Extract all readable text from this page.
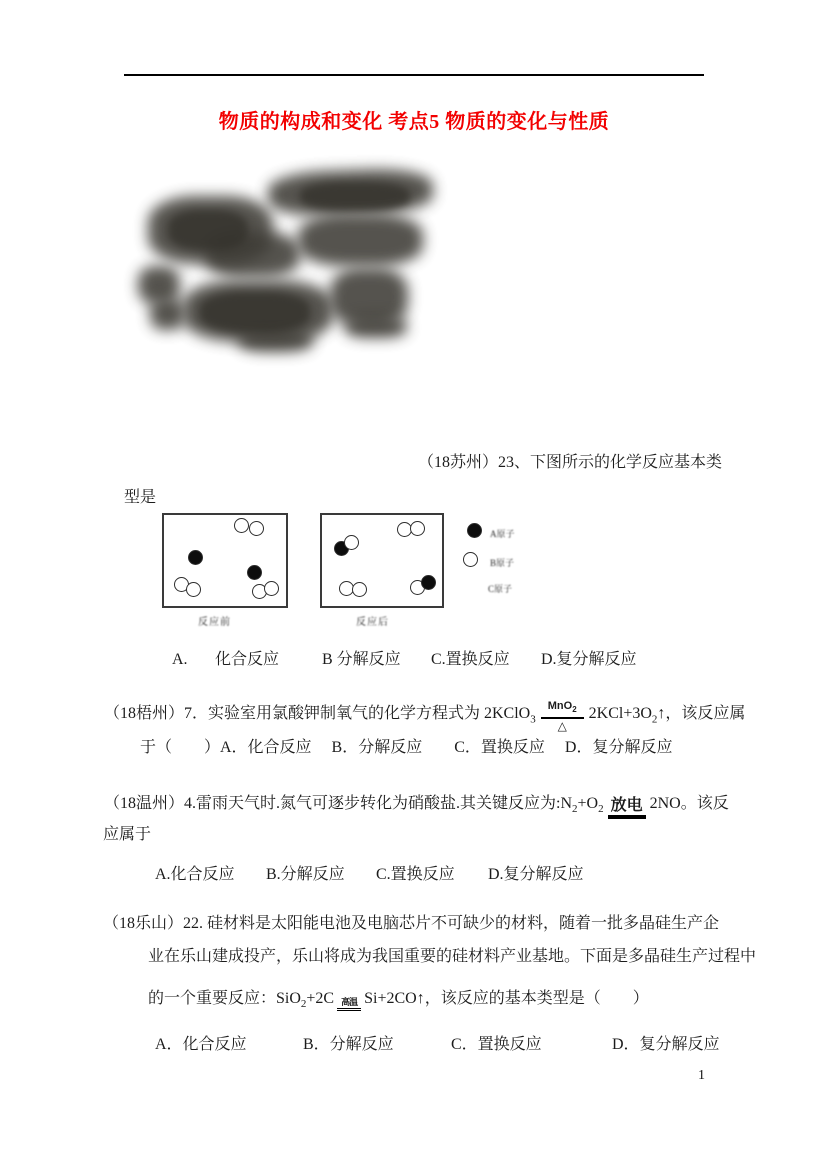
物质的构成和变化 考点5 物质的变化与性质
（18苏州）23、下图所示的化学反应基本类
型是
反应前	反应后
A原子
B原子
C原子
A. 化合反应	B 分解反应 C.置换反应 D.复分解反应
（18梧州）7．实验室用氯酸钾制氧气的化学方程式为 2KClO$_3$ $\frac{MnO_2}{\triangle}$ $2KCl+3O_2↑$，该反应属
于（　　）A．化合反应　 B．分解反应　　C．置换反应　 D．复分解反应
（18温州）4.雷雨天气时.氮气可逐步转化为硝酸盐.其关键反应为$:N_2+O_2$ 放电 2NO。该反
应属于
A.化合反应 B.分解反应 C.置换反应 D.复分解反应
（18乐山）22. 硅材料是太阳能电池及电脑芯片不可缺少的材料，随着一批多晶硅生产企
业在乐山建成投产，乐山将成为我国重要的硅材料产业基地。下面是多晶硅生产过程中
的一个重要反应：SiO$_2$+2C 高温 Si+2CO↑，该反应的基本类型是（　　）
A．化合反应	B．分解反应	C．置换反应	D．复分解反应
1
